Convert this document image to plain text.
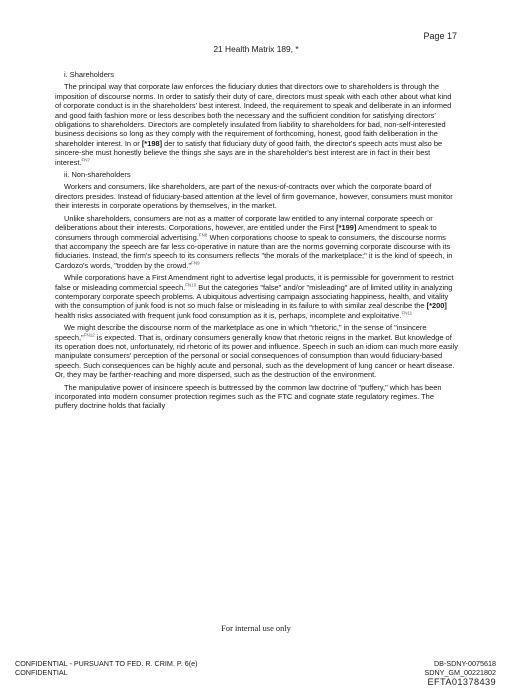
Page 17
21 Health Matrix 189, *
i. Shareholders

The principal way that corporate law enforces the fiduciary duties that directors owe to shareholders is through the imposition of discourse norms. In order to satisfy their duty of care, directors must speak with each other about what kind of corporate conduct is in the shareholders' best interest. Indeed, the requirement to speak and deliberate in an informed and good faith fashion more or less describes both the necessary and the sufficient condition for satisfying directors' obligations to shareholders. Directors are completely insulated from liability to shareholders for bad, non-self-interested business decisions so long as they comply with the requirement of forthcoming, honest, good faith deliberation in the shareholder interest. In or [*198] der to satisfy that fiduciary duty of good faith, the director's speech acts must also be sincere-she must honestly believe the things she says are in the shareholder's best interest are in fact in their best interest.$^{FN7}$

ii. Non-shareholders

Workers and consumers, like shareholders, are part of the nexus-of-contracts over which the corporate board of directors presides. Instead of fiduciary-based attention at the level of firm governance, however, consumers must monitor their interests in corporate operations by themselves, in the market.

Unlike shareholders, consumers are not as a matter of corporate law entitled to any internal corporate speech or deliberations about their interests. Corporations, however, are entitled under the First [*199] Amendment to speak to consumers through commercial advertising.$^{FN8}$ When corporations choose to speak to consumers, the discourse norms that accompany the speech are far less co-operative in nature than are the norms governing corporate discourse with its fiduciaries. Instead, the firm's speech to its consumers reflects "the morals of the marketplace;" it is the kind of speech, in Cardozo's words, "trodden by the crowd."$^{FN9}$

While corporations have a First Amendment right to advertise legal products, it is permissible for government to restrict false or misleading commercial speech.$^{FN10}$ But the categories "false" and/or "misleading" are of limited utility in analyzing contemporary corporate speech problems. A ubiquitous advertising campaign associating happiness, health, and vitality with the consumption of junk food is not so much false or misleading in its failure to with similar zeal describe the [*200] health risks associated with frequent junk food consumption as it is, perhaps, incomplete and exploitative.$^{FN11}$

We might describe the discourse norm of the marketplace as one in which "rhetoric," in the sense of "insincere speech,"$^{FN12}$ is expected. That is, ordinary consumers generally know that rhetoric reigns in the market. But knowledge of its operation does not, unfortunately, rid rhetoric of its power and influence. Speech in such an idiom can much more easily manipulate consumers' perception of the personal or social consequences of consumption than would fiduciary-based speech. Such consequences can be highly acute and personal, such as the development of lung cancer or heart disease. Or, they may be farther-reaching and more dispersed, such as the destruction of the environment.

The manipulative power of insincere speech is buttressed by the common law doctrine of "puffery," which has been incorporated into modern consumer protection regimes such as the FTC and cognate state regulatory regimes. The puffery doctrine holds that facially

For internal use only
CONFIDENTIAL - PURSUANT TO FED. R. CRIM. P. 6(e)
CONFIDENTIAL
DB-SDNY-0075618
SDNY_GM_00221802
EFTA01378439
